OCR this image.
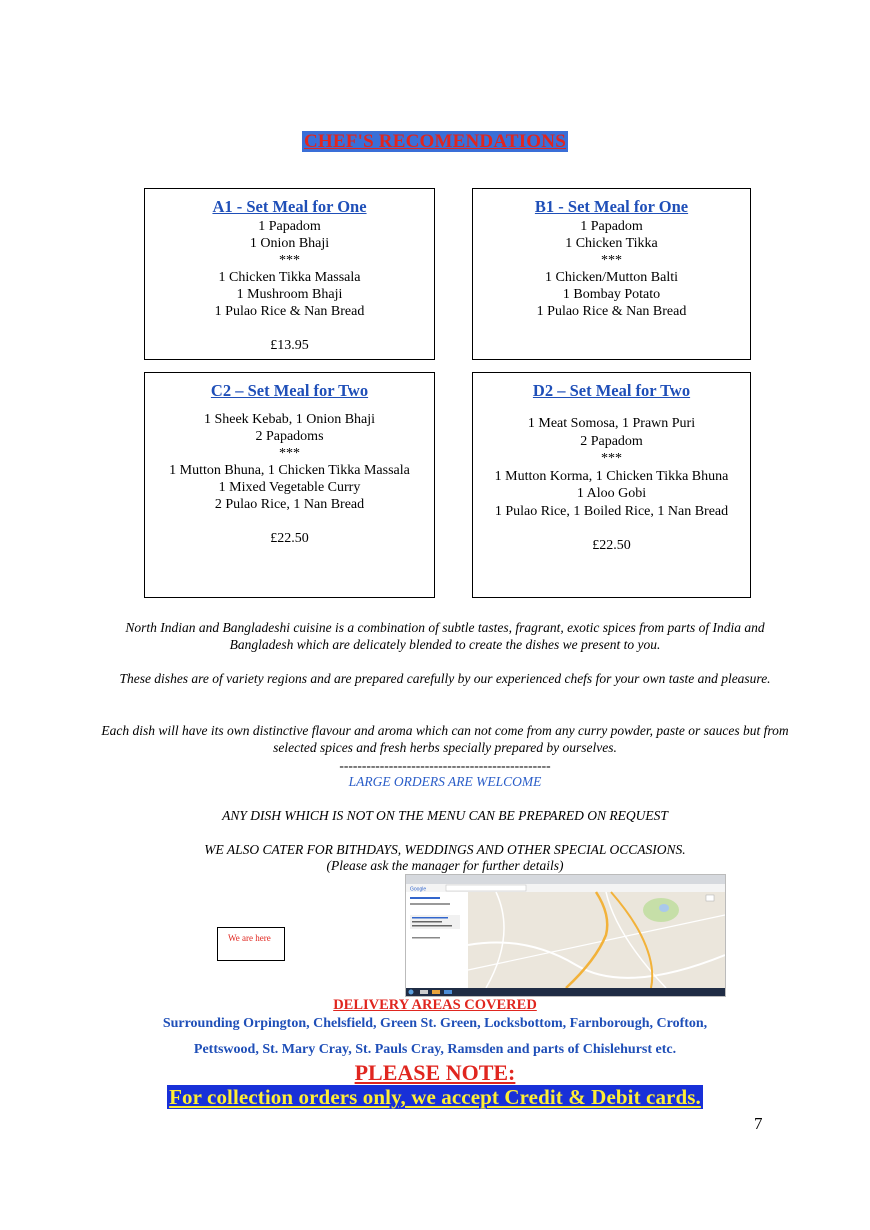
CHEF'S RECOMENDATIONS
A1 - Set Meal for One
1 Papadom
1 Onion Bhaji
***
1 Chicken Tikka Massala
1 Mushroom Bhaji
1 Pulao Rice & Nan Bread
£13.95
B1 - Set Meal for One
1 Papadom
1 Chicken Tikka
***
1 Chicken/Mutton Balti
1 Bombay Potato
1 Pulao Rice & Nan Bread
C2 – Set Meal for Two
1 Sheek Kebab, 1 Onion Bhaji
2 Papadoms
***
1 Mutton Bhuna, 1 Chicken Tikka Massala
1 Mixed Vegetable Curry
2 Pulao Rice, 1 Nan Bread
£22.50
D2 – Set Meal for Two
1 Meat Somosa, 1 Prawn Puri
2 Papadom
***
1 Mutton Korma, 1 Chicken Tikka Bhuna
1 Aloo Gobi
1 Pulao Rice, 1 Boiled Rice, 1 Nan Bread
£22.50
North Indian and Bangladeshi cuisine is a combination of subtle tastes, fragrant, exotic spices from parts of India and Bangladesh which are delicately blended to create the dishes we present to you.
These dishes are of variety regions and are prepared carefully by our experienced chefs for your own taste and pleasure.
Each dish will have its own distinctive flavour and aroma which can not come from any curry powder, paste or sauces but from selected spices and fresh herbs specially prepared by ourselves.
-----------------------------------------------
LARGE ORDERS ARE WELCOME
ANY DISH WHICH IS NOT ON THE MENU CAN BE PREPARED ON REQUEST
WE ALSO CATER FOR BITHDAYS, WEDDINGS AND OTHER SPECIAL OCCASIONS.
(Please ask the manager for further details)
We are here
Google
DELIVERY AREAS COVERED
Surrounding Orpington, Chelsfield, Green St. Green, Locksbottom, Farnborough, Crofton,
Pettswood, St. Mary Cray, St. Pauls Cray, Ramsden and parts of Chislehurst etc.
PLEASE NOTE:
For collection orders only, we accept Credit & Debit cards.
7
